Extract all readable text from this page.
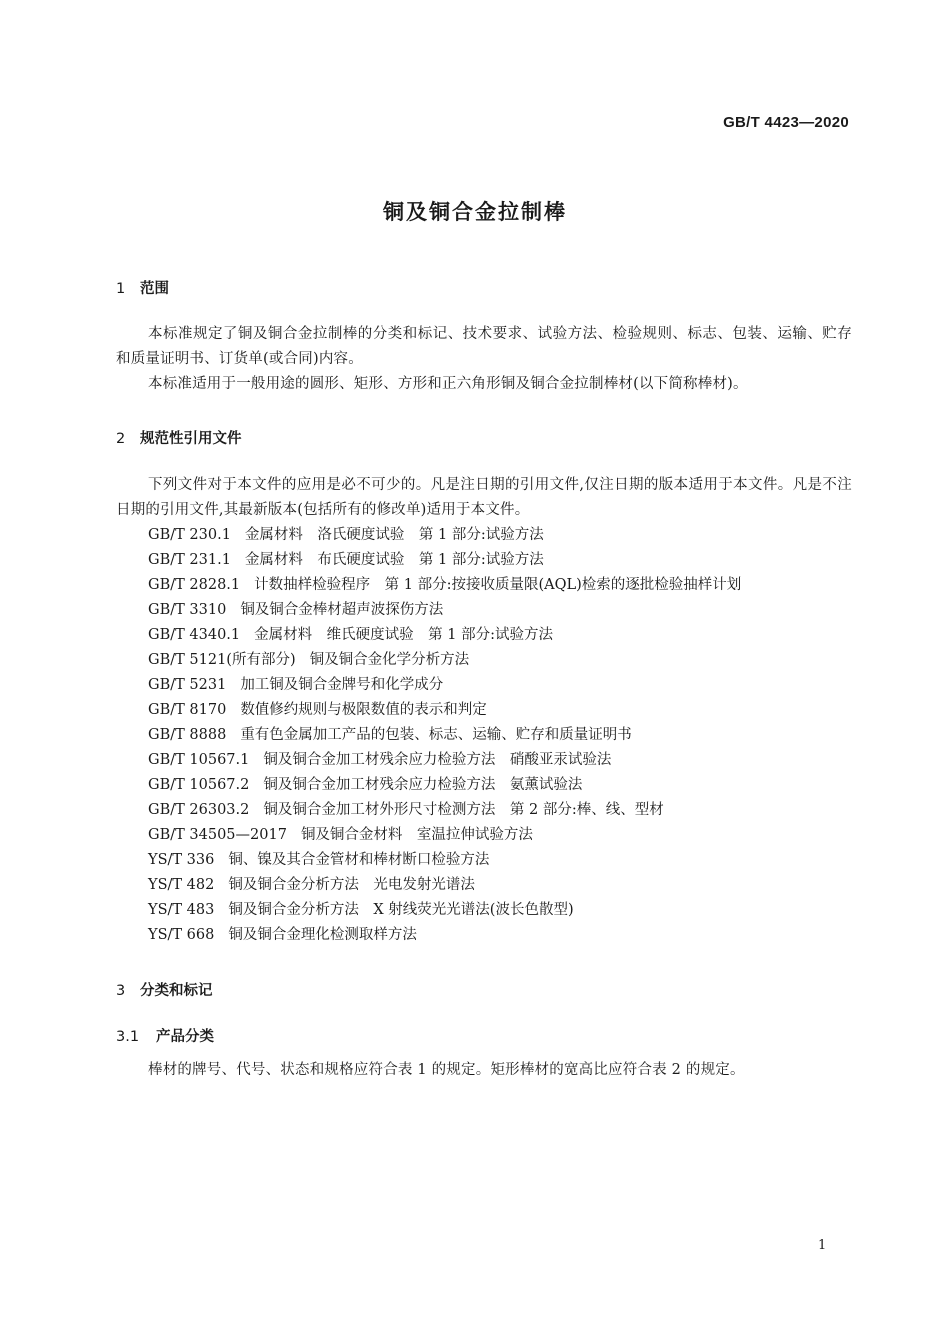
GB/T 4423—2020
铜及铜合金拉制棒
1 范围
本标准规定了铜及铜合金拉制棒的分类和标记、技术要求、试验方法、检验规则、标志、包装、运输、贮存和质量证明书、订货单(或合同)内容。
本标准适用于一般用途的圆形、矩形、方形和正六角形铜及铜合金拉制棒材(以下简称棒材)。
2 规范性引用文件
下列文件对于本文件的应用是必不可少的。凡是注日期的引用文件,仅注日期的版本适用于本文件。凡是不注日期的引用文件,其最新版本(包括所有的修改单)适用于本文件。
GB/T 230.1 金属材料　洛氏硬度试验　第 1 部分:试验方法
GB/T 231.1 金属材料　布氏硬度试验　第 1 部分:试验方法
GB/T 2828.1 计数抽样检验程序　第 1 部分:按接收质量限(AQL)检索的逐批检验抽样计划
GB/T 3310 铜及铜合金棒材超声波探伤方法
GB/T 4340.1 金属材料　维氏硬度试验　第 1 部分:试验方法
GB/T 5121(所有部分) 铜及铜合金化学分析方法
GB/T 5231 加工铜及铜合金牌号和化学成分
GB/T 8170 数值修约规则与极限数值的表示和判定
GB/T 8888 重有色金属加工产品的包装、标志、运输、贮存和质量证明书
GB/T 10567.1 铜及铜合金加工材残余应力检验方法　硝酸亚汞试验法
GB/T 10567.2 铜及铜合金加工材残余应力检验方法　氨薰试验法
GB/T 26303.2 铜及铜合金加工材外形尺寸检测方法　第 2 部分:棒、线、型材
GB/T 34505—2017 铜及铜合金材料　室温拉伸试验方法
YS/T 336 铜、镍及其合金管材和棒材断口检验方法
YS/T 482 铜及铜合金分析方法　光电发射光谱法
YS/T 483 铜及铜合金分析方法　X 射线荧光光谱法(波长色散型)
YS/T 668 铜及铜合金理化检测取样方法
3 分类和标记
3.1 产品分类
棒材的牌号、代号、状态和规格应符合表 1 的规定。矩形棒材的宽高比应符合表 2 的规定。
1
